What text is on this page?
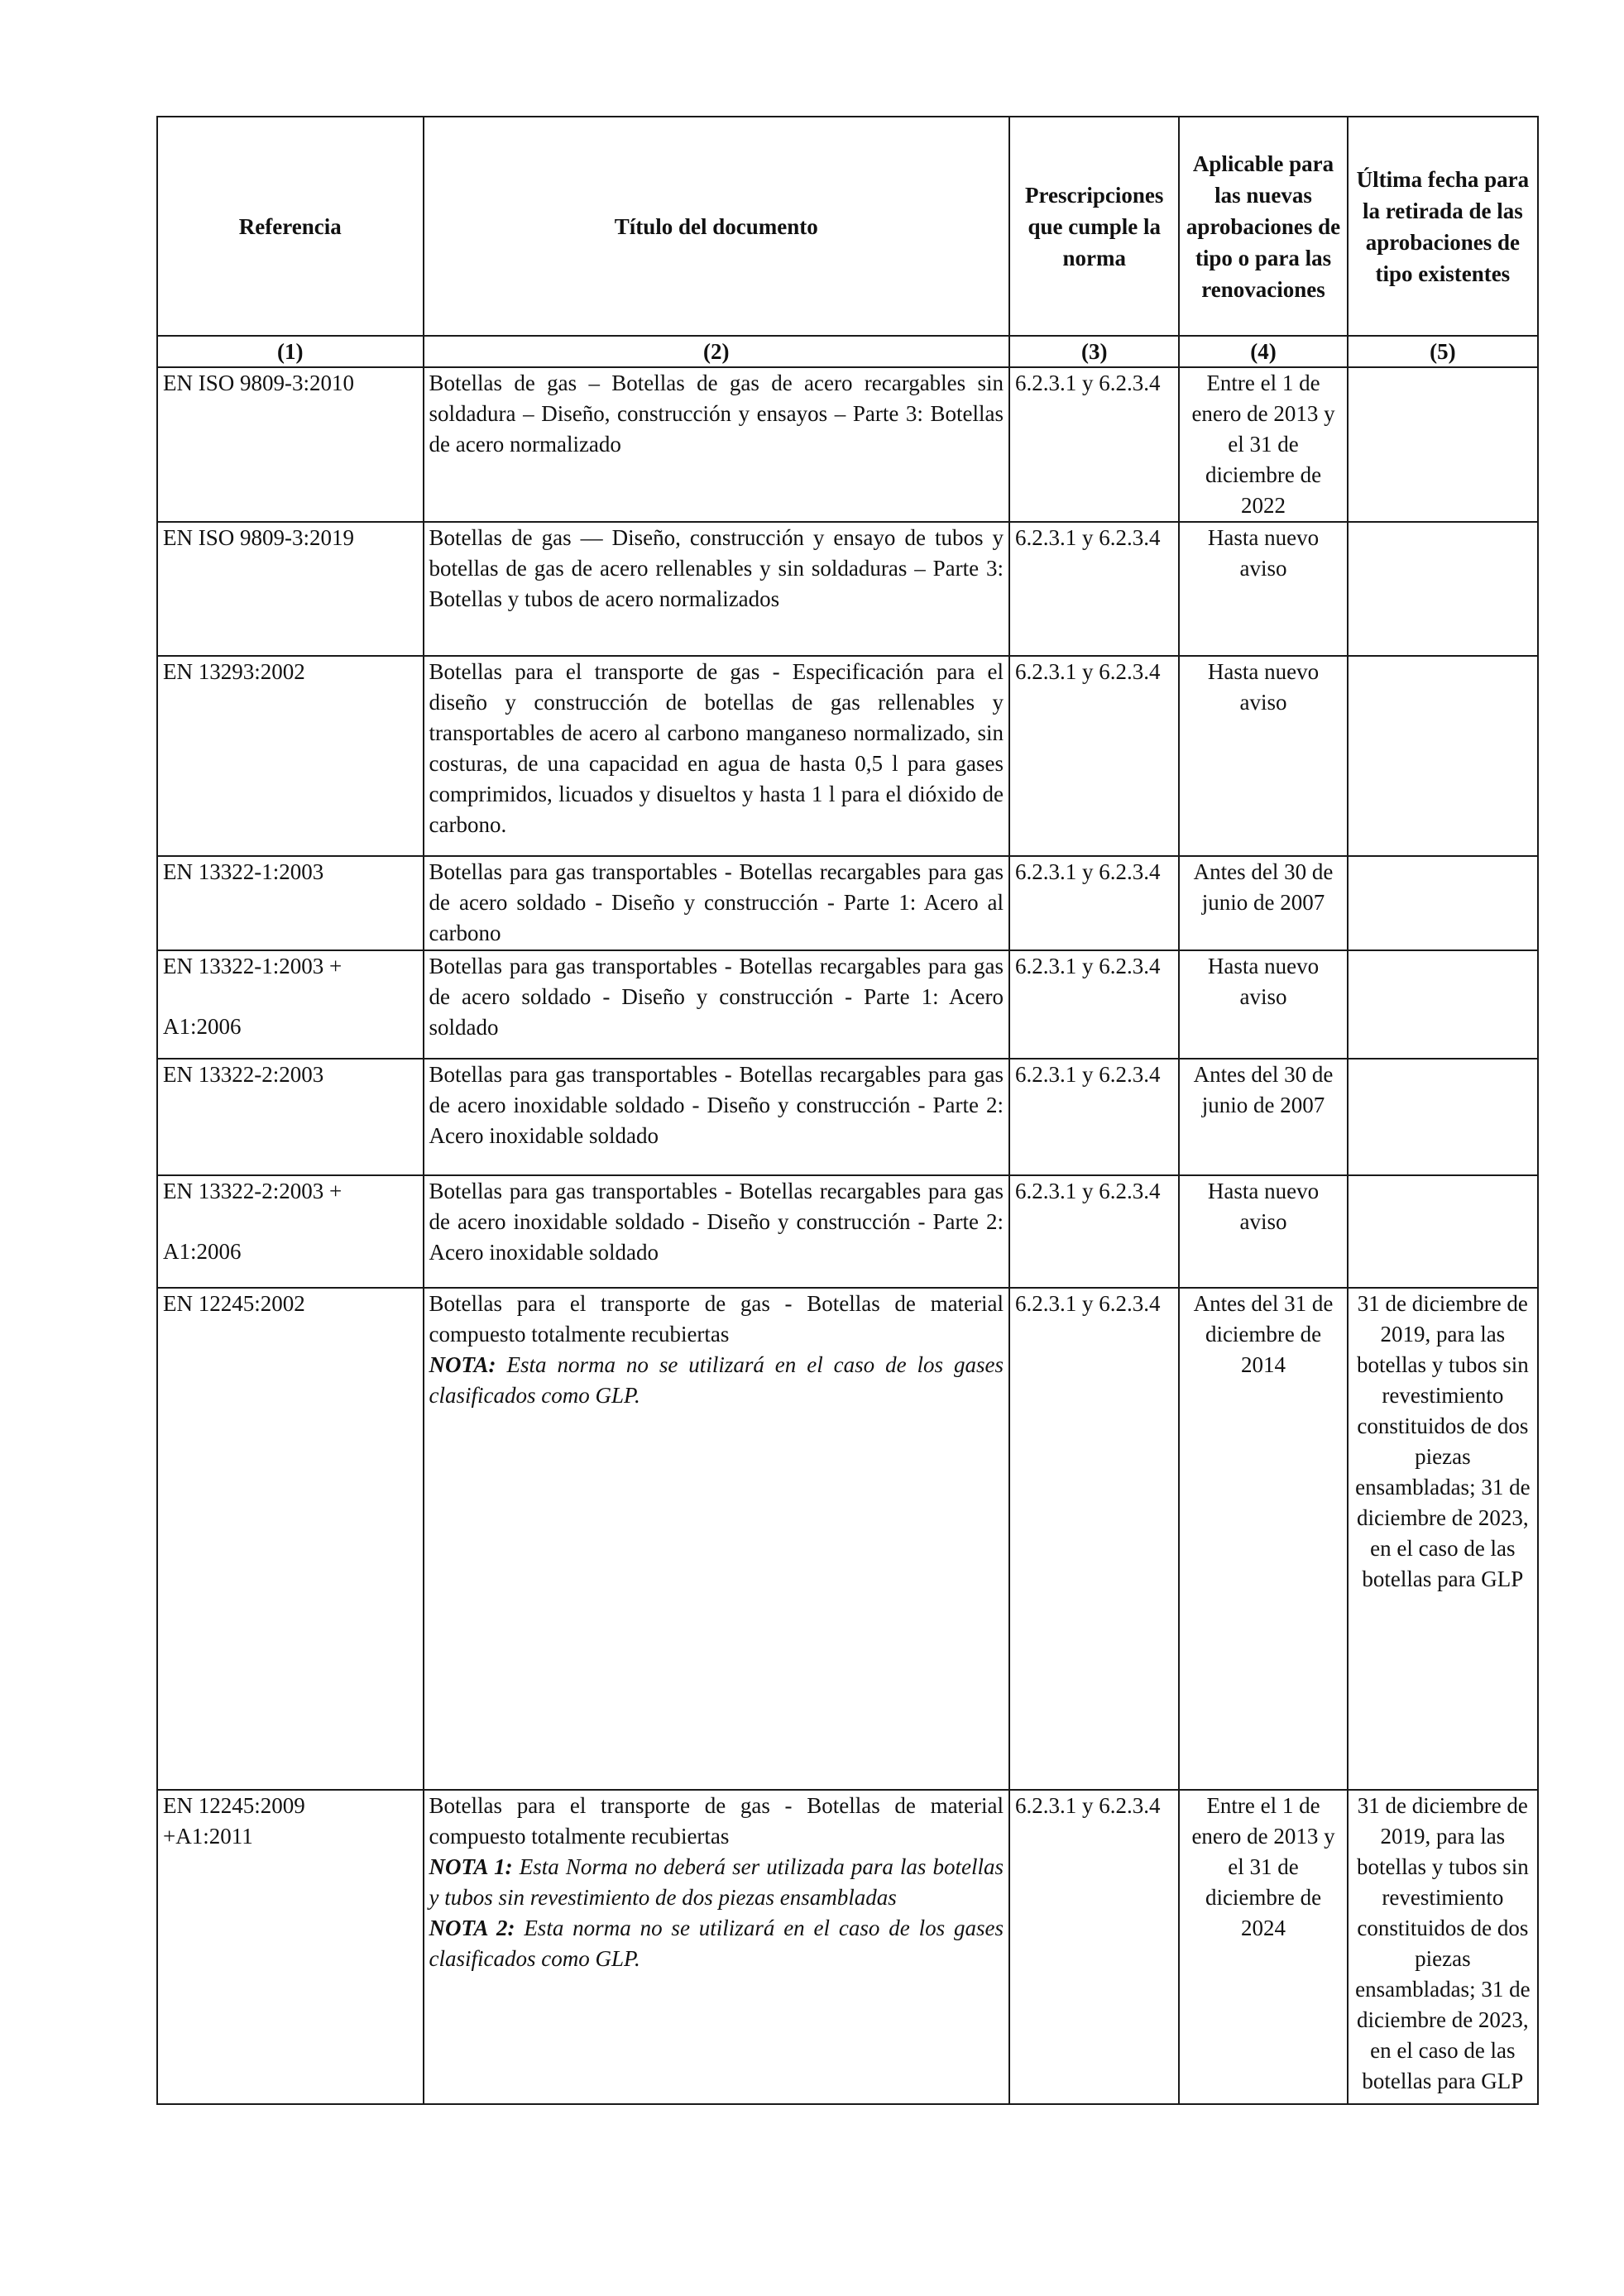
Referencia	Título del documento	Prescripciones que cumple la norma	Aplicable para las nuevas aprobaciones de tipo o para las renovaciones	Última fecha para la retirada de las aprobaciones de tipo existentes
(1)	(2)	(3)	(4)	(5)
EN ISO 9809-3:2010	Botellas de gas – Botellas de gas de acero recargables sin soldadura – Diseño, construcción y ensayos – Parte 3: Botellas de acero normalizado	6.2.3.1 y 6.2.3.4	Entre el 1 de enero de 2013 y el 31 de diciembre de 2022	
EN ISO 9809-3:2019	Botellas de gas — Diseño, construcción y ensayo de tubos y botellas de gas de acero rellenables y sin soldaduras – Parte 3: Botellas y tubos de acero normalizados	6.2.3.1 y 6.2.3.4	Hasta nuevo aviso	
EN 13293:2002	Botellas para el transporte de gas - Especificación para el diseño y construcción de botellas de gas rellenables y transportables de acero al carbono manganeso normalizado, sin costuras, de una capacidad en agua de hasta 0,5 l para gases comprimidos, licuados y disueltos y hasta 1 l para el dióxido de carbono.	6.2.3.1 y 6.2.3.4	Hasta nuevo aviso	
EN 13322-1:2003	Botellas para gas transportables - Botellas recargables para gas de acero soldado - Diseño y construcción - Parte 1: Acero al carbono	6.2.3.1 y 6.2.3.4	Antes del 30 de junio de 2007	

EN 13322-1:2003 +
A1:2006	Botellas para gas transportables - Botellas recargables para gas de acero soldado - Diseño y construcción - Parte 1: Acero soldado	6.2.3.1 y 6.2.3.4	Hasta nuevo aviso	
EN 13322-2:2003	Botellas para gas transportables - Botellas recargables para gas de acero inoxidable soldado - Diseño y construcción - Parte 2: Acero inoxidable soldado	6.2.3.1 y 6.2.3.4	Antes del 30 de junio de 2007	

EN 13322-2:2003 +
A1:2006	Botellas para gas transportables - Botellas recargables para gas de acero inoxidable soldado - Diseño y construcción - Parte 2: Acero inoxidable soldado	6.2.3.1 y 6.2.3.4	Hasta nuevo aviso	
EN 12245:2002	Botellas para el transporte de gas - Botellas de material compuesto totalmente recubiertas
NOTA: Esta norma no se utilizará en el caso de los gases clasificados como GLP.	6.2.3.1 y 6.2.3.4	Antes del 31 de diciembre de 2014	31 de diciembre de 2019, para las botellas y tubos sin revestimiento constituidos de dos piezas ensambladas; 31 de diciembre de 2023, en el caso de las botellas para GLP

EN 12245:2009
+A1:2011	Botellas para el transporte de gas - Botellas de material compuesto totalmente recubiertas
NOTA 1: Esta Norma no deberá ser utilizada para las botellas y tubos sin revestimiento de dos piezas ensambladas
NOTA 2: Esta norma no se utilizará en el caso de los gases clasificados como GLP.	6.2.3.1 y 6.2.3.4	Entre el 1 de enero de 2013 y el 31 de diciembre de 2024	31 de diciembre de 2019, para las botellas y tubos sin revestimiento constituidos de dos piezas ensambladas; 31 de diciembre de 2023, en el caso de las botellas para GLP
